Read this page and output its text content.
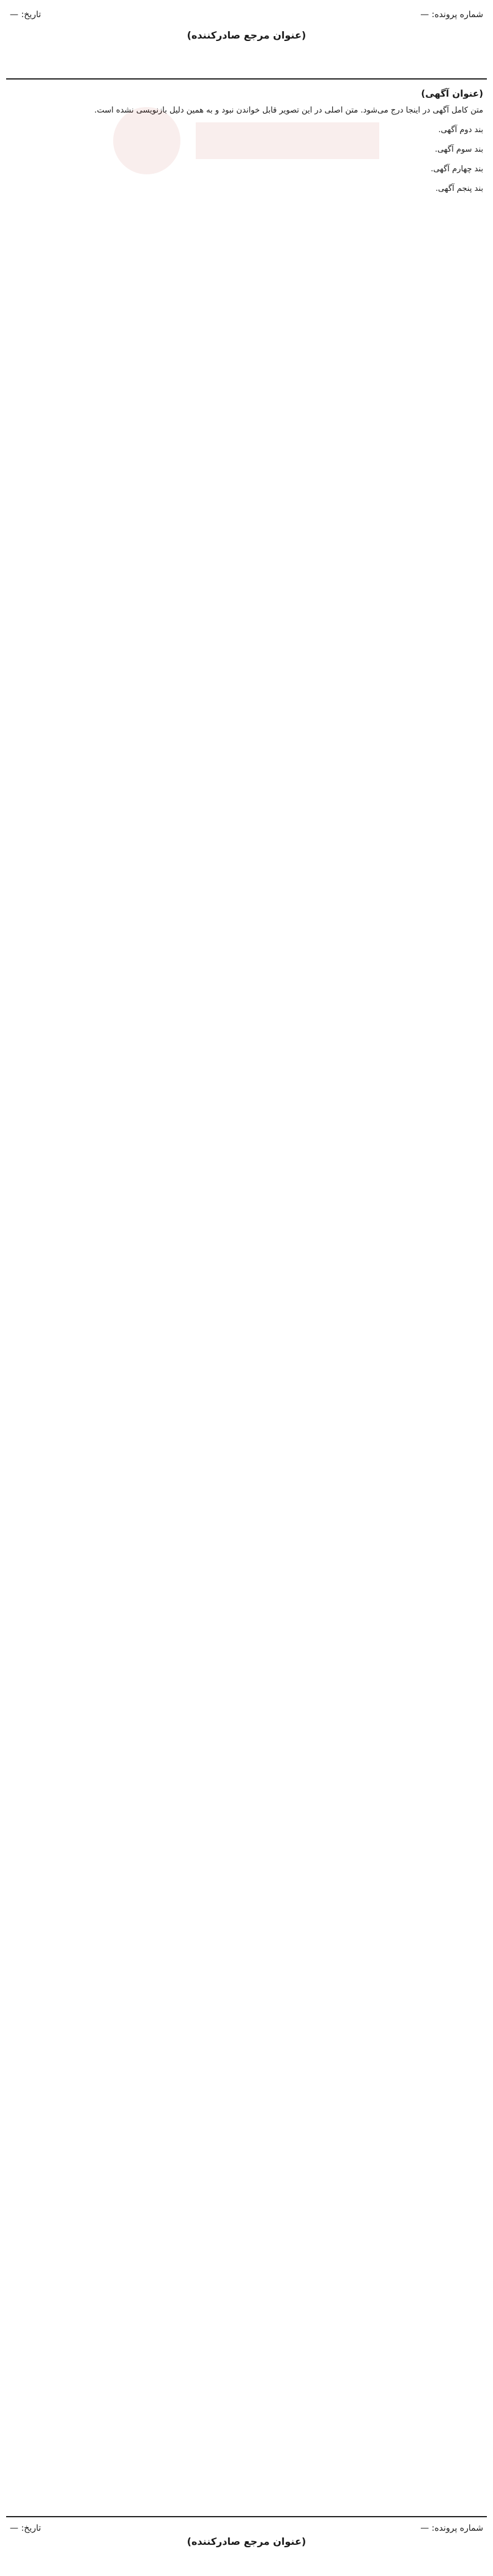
شماره پرونده: —
— :تاریخ
(عنوان مرجع صادرکننده)
(عنوان آگهی)

متن کامل آگهی در اینجا درج می‌شود. متن اصلی در این تصویر قابل خواندن نبود و به همین دلیل بازنویسی نشده است.

بند دوم آگهی.

بند سوم آگهی.

بند چهارم آگهی.

بند پنجم آگهی.

شماره پرونده: —
— :تاریخ
(عنوان مرجع صادرکننده)
